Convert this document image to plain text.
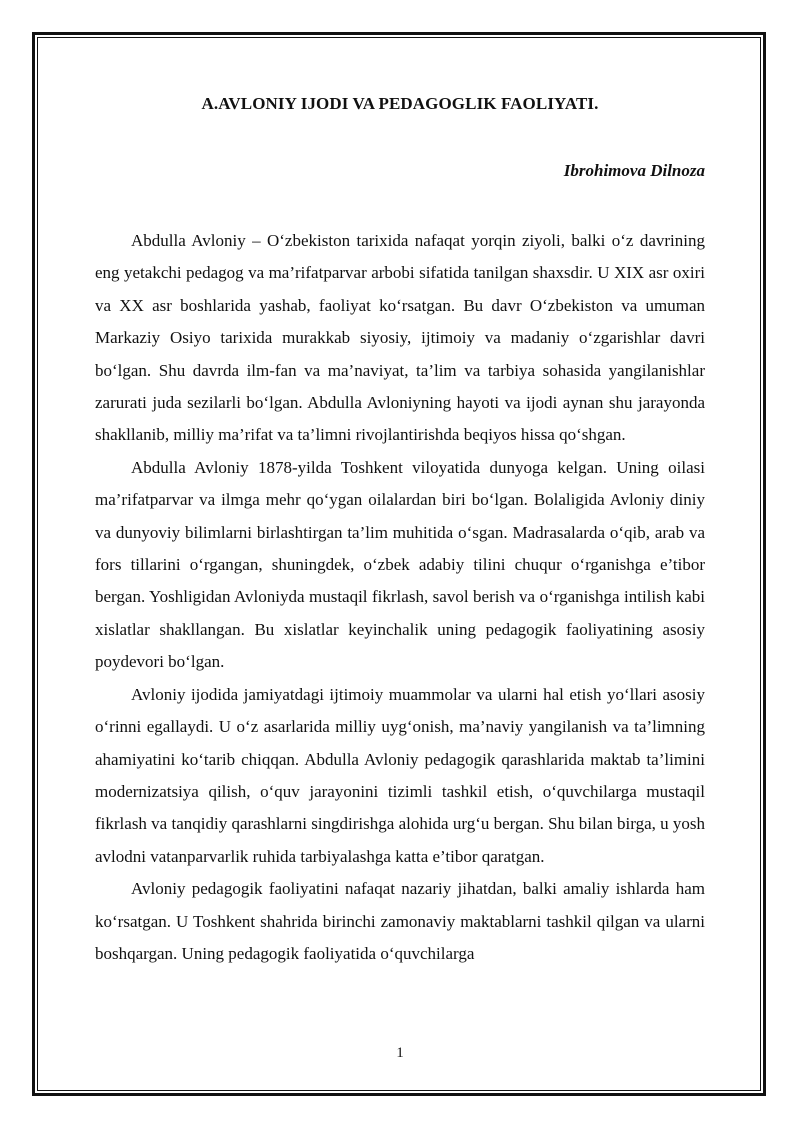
A.AVLONIY IJODI VA PEDAGOGLIK FAOLIYATI.

Ibrohimova Dilnoza

Abdulla Avloniy – O‘zbekiston tarixida nafaqat yorqin ziyoli, balki o‘z davrining eng yetakchi pedagog va ma’rifatparvar arbobi sifatida tanilgan shaxsdir. U XIX asr oxiri va XX asr boshlarida yashab, faoliyat ko‘rsatgan. Bu davr O‘zbekiston va umuman Markaziy Osiyo tarixida murakkab siyosiy, ijtimoiy va madaniy o‘zgarishlar davri bo‘lgan. Shu davrda ilm-fan va ma’naviyat, ta’lim va tarbiya sohasida yangilanishlar zarurati juda sezilarli bo‘lgan. Abdulla Avloniyning hayoti va ijodi aynan shu jarayonda shakllanib, milliy ma’rifat va ta’limni rivojlantirishda beqiyos hissa qo‘shgan.

Abdulla Avloniy 1878-yilda Toshkent viloyatida dunyoga kelgan. Uning oilasi ma’rifatparvar va ilmga mehr qo‘ygan oilalardan biri bo‘lgan. Bolaligida Avloniy diniy va dunyoviy bilimlarni birlashtirgan ta’lim muhitida o‘sgan. Madrasalarda o‘qib, arab va fors tillarini o‘rgangan, shuningdek, o‘zbek adabiy tilini chuqur o‘rganishga e’tibor bergan. Yoshligidan Avloniyda mustaqil fikrlash, savol berish va o‘rganishga intilish kabi xislatlar shakllangan. Bu xislatlar keyinchalik uning pedagogik faoliyatining asosiy poydevori bo‘lgan.

Avloniy ijodida jamiyatdagi ijtimoiy muammolar va ularni hal etish yo‘llari asosiy o‘rinni egallaydi. U o‘z asarlarida milliy uyg‘onish, ma’naviy yangilanish va ta’limning ahamiyatini ko‘tarib chiqqan. Abdulla Avloniy pedagogik qarashlarida maktab ta’limini modernizatsiya qilish, o‘quv jarayonini tizimli tashkil etish, o‘quvchilarga mustaqil fikrlash va tanqidiy qarashlarni singdirishga alohida urg‘u bergan. Shu bilan birga, u yosh avlodni vatanparvarlik ruhida tarbiyalashga katta e’tibor qaratgan.

Avloniy pedagogik faoliyatini nafaqat nazariy jihatdan, balki amaliy ishlarda ham ko‘rsatgan. U Toshkent shahrida birinchi zamonaviy maktablarni tashkil qilgan va ularni boshqargan. Uning pedagogik faoliyatida o‘quvchilarga

1
